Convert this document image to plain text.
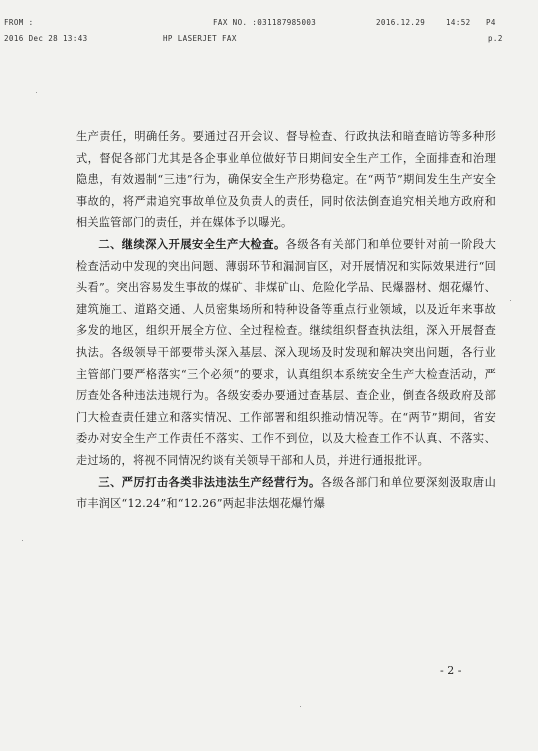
FROM :	FAX NO. :031187985003	2016.12.29	14:52 P4
2016 Dec 28 13:43	HP LASERJET FAX	p.2

生产责任，明确任务。要通过召开会议、督导检查、行政执法和暗查暗访等多种形式，督促各部门尤其是各企事业单位做好节日期间安全生产工作，全面排查和治理隐患，有效遏制“三违”行为，确保安全生产形势稳定。在“两节”期间发生生产安全事故的，将严肃追究事故单位及负责人的责任，同时依法倒查追究相关地方政府和相关监管部门的责任，并在媒体予以曝光。

二、继续深入开展安全生产大检查。各级各有关部门和单位要针对前一阶段大检查活动中发现的突出问题、薄弱环节和漏洞盲区，对开展情况和实际效果进行“回头看”。突出容易发生事故的煤矿、非煤矿山、危险化学品、民爆器材、烟花爆竹、建筑施工、道路交通、人员密集场所和特种设备等重点行业领域，以及近年来事故多发的地区，组织开展全方位、全过程检查。继续组织督查执法组，深入开展督查执法。各级领导干部要带头深入基层、深入现场及时发现和解决突出问题，各行业主管部门要严格落实“三个必须”的要求，认真组织本系统安全生产大检查活动，严厉查处各种违法违规行为。各级安委办要通过查基层、查企业，倒查各级政府及部门大检查责任建立和落实情况、工作部署和组织推动情况等。在“两节”期间，省安委办对安全生产工作责任不落实、工作不到位，以及大检查工作不认真、不落实、走过场的，将视不同情况约谈有关领导干部和人员，并进行通报批评。

三、严厉打击各类非法违法生产经营行为。各级各部门和单位要深刻汲取唐山市丰润区“12.24”和“12.26”两起非法烟花爆竹爆

- 2 -
